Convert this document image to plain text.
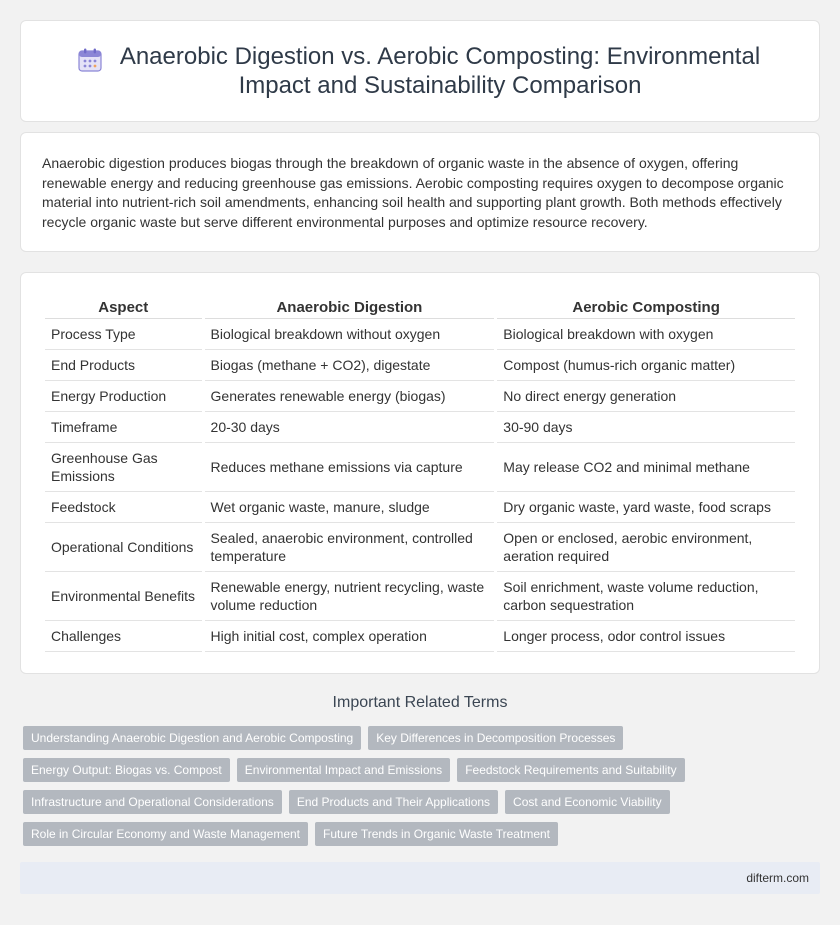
Anaerobic Digestion vs. Aerobic Composting: Environmental Impact and Sustainability Comparison

Anaerobic digestion produces biogas through the breakdown of organic waste in the absence of oxygen, offering renewable energy and reducing greenhouse gas emissions. Aerobic composting requires oxygen to decompose organic material into nutrient-rich soil amendments, enhancing soil health and supporting plant growth. Both methods effectively recycle organic waste but serve different environmental purposes and optimize resource recovery.

Aspect	Anaerobic Digestion	Aerobic Composting
Process Type	Biological breakdown without oxygen	Biological breakdown with oxygen
End Products	Biogas (methane + CO2), digestate	Compost (humus-rich organic matter)
Energy Production	Generates renewable energy (biogas)	No direct energy generation
Timeframe	20-30 days	30-90 days
Greenhouse Gas Emissions	Reduces methane emissions via capture	May release CO2 and minimal methane
Feedstock	Wet organic waste, manure, sludge	Dry organic waste, yard waste, food scraps
Operational Conditions	Sealed, anaerobic environment, controlled temperature	Open or enclosed, aerobic environment, aeration required
Environmental Benefits	Renewable energy, nutrient recycling, waste volume reduction	Soil enrichment, waste volume reduction, carbon sequestration
Challenges	High initial cost, complex operation	Longer process, odor control issues
Important Related Terms
Understanding Anaerobic Digestion and Aerobic Composting	Key Differences in Decomposition Processes
Energy Output: Biogas vs. Compost	Environmental Impact and Emissions	Feedstock Requirements and Suitability
Infrastructure and Operational Considerations	End Products and Their Applications	Cost and Economic Viability
Role in Circular Economy and Waste Management	Future Trends in Organic Waste Treatment
difterm.com
